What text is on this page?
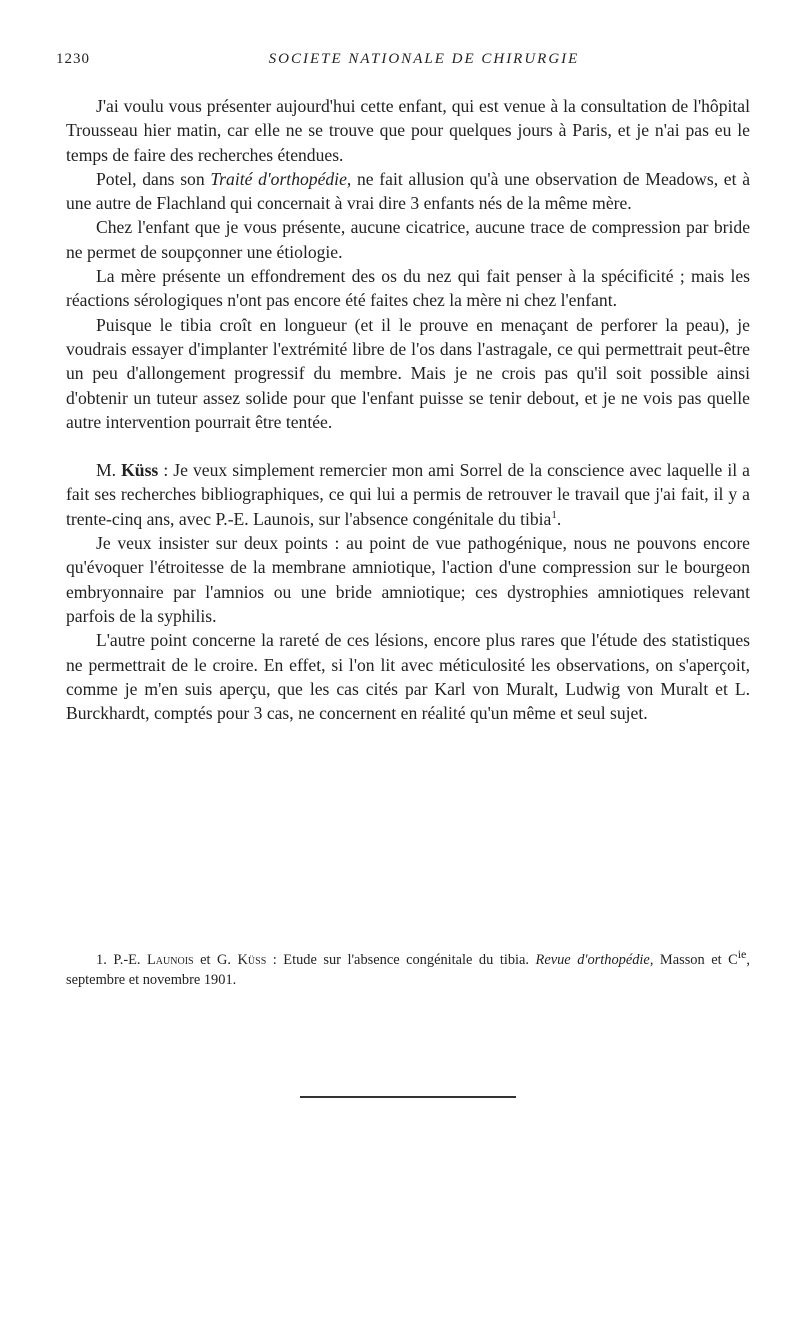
1230	SOCIETE NATIONALE DE CHIRURGIE

J'ai voulu vous présenter aujourd'hui cette enfant, qui est venue à la consultation de l'hôpital Trousseau hier matin, car elle ne se trouve que pour quelques jours à Paris, et je n'ai pas eu le temps de faire des recherches étendues.

Potel, dans son Traité d'orthopédie, ne fait allusion qu'à une observation de Meadows, et à une autre de Flachland qui concernait à vrai dire 3 enfants nés de la même mère.

Chez l'enfant que je vous présente, aucune cicatrice, aucune trace de compression par bride ne permet de soupçonner une étiologie.

La mère présente un effondrement des os du nez qui fait penser à la spécificité ; mais les réactions sérologiques n'ont pas encore été faites chez la mère ni chez l'enfant.

Puisque le tibia croît en longueur (et il le prouve en menaçant de perforer la peau), je voudrais essayer d'implanter l'extrémité libre de l'os dans l'astragale, ce qui permettrait peut-être un peu d'allongement progressif du membre. Mais je ne crois pas qu'il soit possible ainsi d'obtenir un tuteur assez solide pour que l'enfant puisse se tenir debout, et je ne vois pas quelle autre intervention pourrait être tentée.

M. Küss : Je veux simplement remercier mon ami Sorrel de la conscience avec laquelle il a fait ses recherches bibliographiques, ce qui lui a permis de retrouver le travail que j'ai fait, il y a trente-cinq ans, avec P.-E. Launois, sur l'absence congénitale du tibia$^1$.

Je veux insister sur deux points : au point de vue pathogénique, nous ne pouvons encore qu'évoquer l'étroitesse de la membrane amniotique, l'action d'une compression sur le bourgeon embryonnaire par l'amnios ou une bride amniotique; ces dystrophies amniotiques relevant parfois de la syphilis.

L'autre point concerne la rareté de ces lésions, encore plus rares que l'étude des statistiques ne permettrait de le croire. En effet, si l'on lit avec méticulosité les observations, on s'aperçoit, comme je m'en suis aperçu, que les cas cités par Karl von Muralt, Ludwig von Muralt et L. Burckhardt, comptés pour 3 cas, ne concernent en réalité qu'un même et seul sujet.

1. P.-E. Launois et G. Küss : Etude sur l'absence congénitale du tibia. Revue d'orthopédie, Masson et $C^{ie}$, septembre et novembre 1901.
